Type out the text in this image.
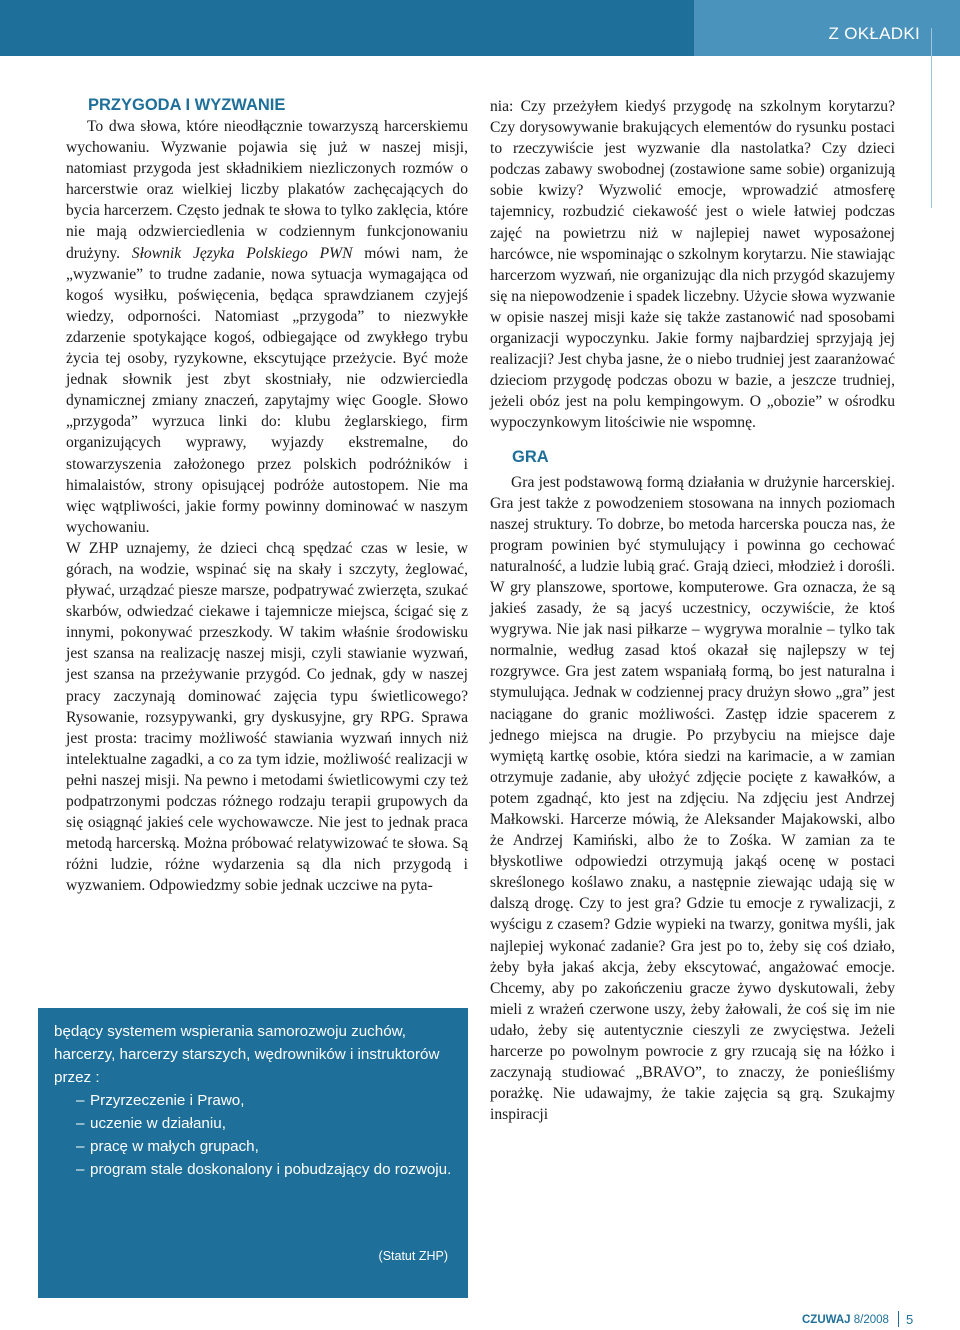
Z OKŁADKI
PRZYGODA I WYZWANIE

To dwa słowa, które nieodłącznie towarzyszą harcerskiemu wychowaniu. Wyzwanie pojawia się już w naszej misji, natomiast przygoda jest składnikiem niezliczonych rozmów o harcerstwie oraz wielkiej liczby plakatów zachęcających do bycia harcerzem. Często jednak te słowa to tylko zaklęcia, które nie mają odzwierciedlenia w codziennym funkcjonowaniu drużyny. Słownik Języka Polskiego PWN mówi nam, że „wyzwanie” to trudne zadanie, nowa sytuacja wymagająca od kogoś wysiłku, poświęcenia, będąca sprawdzianem czyjejś wiedzy, odporności. Natomiast „przygoda” to niezwykłe zdarzenie spotykające kogoś, odbiegające od zwykłego trybu życia tej osoby, ryzykowne, ekscytujące przeżycie. Być może jednak słownik jest zbyt skostniały, nie odzwierciedla dynamicznej zmiany znaczeń, zapytajmy więc Google. Słowo „przygoda” wyrzuca linki do: klubu żeglarskiego, firm organizujących wyprawy, wyjazdy ekstremalne, do stowarzyszenia założonego przez polskich podróżników i himalaistów, strony opisującej podróże autostopem. Nie ma więc wątpliwości, jakie formy powinny dominować w naszym wychowaniu.

W ZHP uznajemy, że dzieci chcą spędzać czas w lesie, w górach, na wodzie, wspinać się na skały i szczyty, żeglować, pływać, urządzać piesze marsze, podpatrywać zwierzęta, szukać skarbów, odwiedzać ciekawe i tajemnicze miejsca, ścigać się z innymi, pokonywać przeszkody. W takim właśnie środowisku jest szansa na realizację naszej misji, czyli stawianie wyzwań, jest szansa na przeżywanie przygód. Co jednak, gdy w naszej pracy zaczynają dominować zajęcia typu świetlicowego? Rysowanie, rozsypywanki, gry dyskusyjne, gry RPG. Sprawa jest prosta: tracimy możliwość stawiania wyzwań innych niż intelektualne zagadki, a co za tym idzie, możliwość realizacji w pełni naszej misji. Na pewno i metodami świetlicowymi czy też podpatrzonymi podczas różnego rodzaju terapii grupowych da się osiągnąć jakieś cele wychowawcze. Nie jest to jednak praca metodą harcerską. Można próbować relatywizować te słowa. Są różni ludzie, różne wydarzenia są dla nich przygodą i wyzwaniem. Odpowiedzmy sobie jednak uczciwe na pyta-

nia: Czy przeżyłem kiedyś przygodę na szkolnym korytarzu? Czy dorysowywanie brakujących elementów do rysunku postaci to rzeczywiście jest wyzwanie dla nastolatka? Czy dzieci podczas zabawy swobodnej (zostawione same sobie) organizują sobie kwizy? Wyzwolić emocje, wprowadzić atmosferę tajemnicy, rozbudzić ciekawość jest o wiele łatwiej podczas zajęć na powietrzu niż w najlepiej nawet wyposażonej harcówce, nie wspominając o szkolnym korytarzu. Nie stawiając harcerzom wyzwań, nie organizując dla nich przygód skazujemy się na niepowodzenie i spadek liczebny. Użycie słowa wyzwanie w opisie naszej misji każe się także zastanowić nad sposobami organizacji wypoczynku. Jakie formy najbardziej sprzyjają jej realizacji? Jest chyba jasne, że o niebo trudniej jest zaaranżować dzieciom przygodę podczas obozu w bazie, a jeszcze trudniej, jeżeli obóz jest na polu kempingowym. O „obozie” w ośrodku wypoczynkowym litościwie nie wspomnę.

GRA

Gra jest podstawową formą działania w drużynie harcerskiej. Gra jest także z powodzeniem stosowana na innych poziomach naszej struktury. To dobrze, bo metoda harcerska poucza nas, że program powinien być stymulujący i powinna go cechować naturalność, a ludzie lubią grać. Grają dzieci, młodzież i dorośli. W gry planszowe, sportowe, komputerowe. Gra oznacza, że są jakieś zasady, że są jacyś uczestnicy, oczywiście, że ktoś wygrywa. Nie jak nasi piłkarze – wygrywa moralnie – tylko tak normalnie, według zasad ktoś okazał się najlepszy w tej rozgrywce. Gra jest zatem wspaniałą formą, bo jest naturalna i stymulująca. Jednak w codziennej pracy drużyn słowo „gra” jest naciągane do granic możliwości. Zastęp idzie spacerem z jednego miejsca na drugie. Po przybyciu na miejsce daje wymiętą kartkę osobie, która siedzi na karimacie, a w zamian otrzymuje zadanie, aby ułożyć zdjęcie pocięte z kawałków, a potem zgadnąć, kto jest na zdjęciu. Na zdjęciu jest Andrzej Małkowski. Harcerze mówią, że Aleksander Majakowski, albo że Andrzej Kamiński, albo że to Zośka. W zamian za te błyskotliwe odpowiedzi otrzymują jakąś ocenę w postaci skreślonego koślawo znaku, a następnie ziewając udają się w dalszą drogę. Czy to jest gra? Gdzie tu emocje z rywalizacji, z wyścigu z czasem? Gdzie wypieki na twarzy, gonitwa myśli, jak najlepiej wykonać zadanie? Gra jest po to, żeby się coś działo, żeby była jakaś akcja, żeby ekscytować, angażować emocje. Chcemy, aby po zakończeniu gracze żywo dyskutowali, żeby mieli z wrażeń czerwone uszy, żeby żałowali, że coś się im nie udało, żeby się autentycznie cieszyli ze zwycięstwa. Jeżeli harcerze po powolnym powrocie z gry rzucają się na łóżko i zaczynają studiować „BRAVO”, to znaczy, że ponieśliśmy porażkę. Nie udawajmy, że takie zajęcia są grą. Szukajmy inspiracji

będący systemem wspierania samorozwoju zuchów, harcerzy, harcerzy starszych, wędrowników i instruktorów przez :
– Przyrzeczenie i Prawo,
– uczenie w działaniu,
– pracę w małych grupach,
– program stale doskonalony i pobudzający do rozwoju.
(Statut ZHP)
CZUWAJ 8/2008 5
